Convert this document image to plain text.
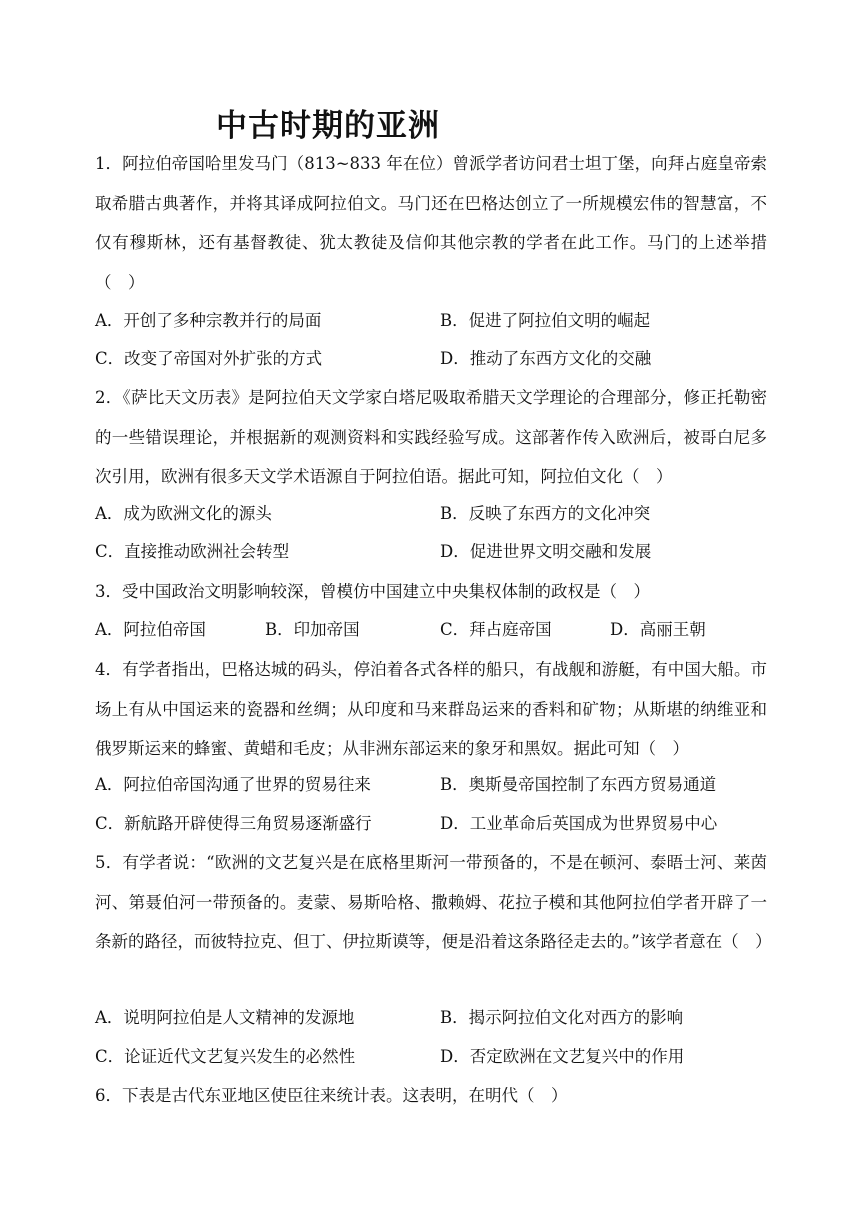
中古时期的亚洲
1．阿拉伯帝国哈里发马门（813~833 年在位）曾派学者访问君士坦丁堡，向拜占庭皇帝索取希腊古典著作，并将其译成阿拉伯文。马门还在巴格达创立了一所规模宏伟的智慧富，不仅有穆斯林，还有基督教徒、犹太教徒及信仰其他宗教的学者在此工作。马门的上述举措（　）
A．开创了多种宗教并行的局面	B．促进了阿拉伯文明的崛起
C．改变了帝国对外扩张的方式	D．推动了东西方文化的交融
2．《萨比天文历表》是阿拉伯天文学家白塔尼吸取希腊天文学理论的合理部分，修正托勒密的一些错误理论，并根据新的观测资料和实践经验写成。这部著作传入欧洲后，被哥白尼多次引用，欧洲有很多天文学术语源自于阿拉伯语。据此可知，阿拉伯文化（　）
A．成为欧洲文化的源头	B．反映了东西方的文化冲突
C．直接推动欧洲社会转型	D．促进世界文明交融和发展
3．受中国政治文明影响较深，曾模仿中国建立中央集权体制的政权是（　）
A．阿拉伯帝国	B．印加帝国	C．拜占庭帝国	D．高丽王朝
4．有学者指出，巴格达城的码头，停泊着各式各样的船只，有战舰和游艇，有中国大船。市场上有从中国运来的瓷器和丝绸；从印度和马来群岛运来的香料和矿物；从斯堪的纳维亚和俄罗斯运来的蜂蜜、黄蜡和毛皮；从非洲东部运来的象牙和黑奴。据此可知（　）
A．阿拉伯帝国沟通了世界的贸易往来	B．奥斯曼帝国控制了东西方贸易通道
C．新航路开辟使得三角贸易逐渐盛行	D．工业革命后英国成为世界贸易中心
5．有学者说：“欧洲的文艺复兴是在底格里斯河一带预备的，不是在顿河、泰晤士河、莱茵河、第聂伯河一带预备的。麦蒙、易斯哈格、撒赖姆、花拉子模和其他阿拉伯学者开辟了一条新的路径，而彼特拉克、但丁、伊拉斯谟等，便是沿着这条路径走去的。”该学者意在（　）
A．说明阿拉伯是人文精神的发源地	B．揭示阿拉伯文化对西方的影响
C．论证近代文艺复兴发生的必然性	D．否定欧洲在文艺复兴中的作用
6．下表是古代东亚地区使臣往来统计表。这表明，在明代（　）
